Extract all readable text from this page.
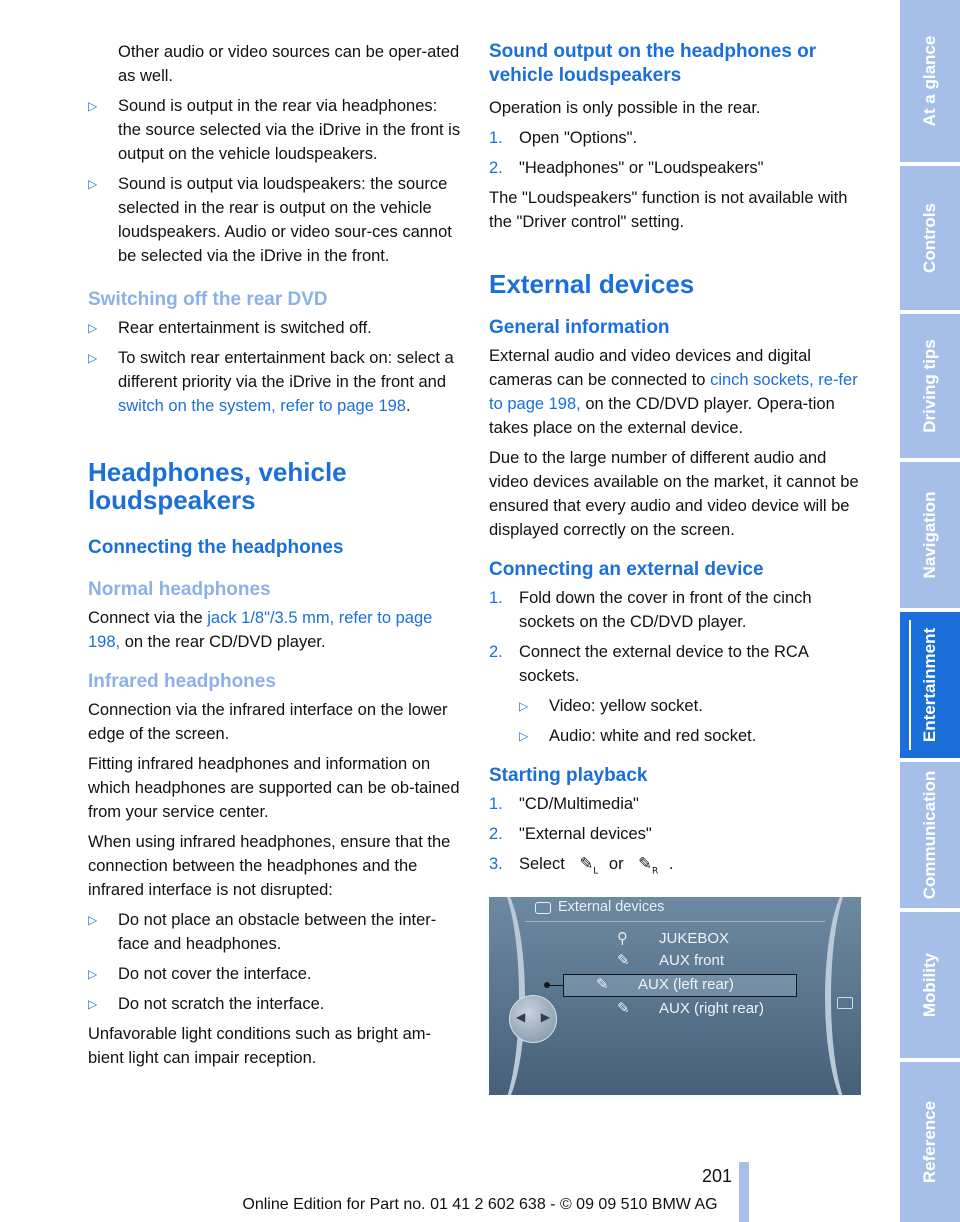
Other audio or video sources can be oper-ated as well.

▷ Sound is output in the rear via headphones: the source selected via the iDrive in the front is output on the vehicle loudspeakers.
▷ Sound is output via loudspeakers: the source selected in the rear is output on the vehicle loudspeakers. Audio or video sour-ces cannot be selected via the iDrive in the front.
Switching off the rear DVD
▷ Rear entertainment is switched off.
▷ To switch rear entertainment back on: select a different priority via the iDrive in the front and switch on the system, refer to page 198.
Headphones, vehicle loudspeakers
Connecting the headphones
Normal headphones

Connect via the jack 1/8"/3.5 mm, refer to page 198, on the rear CD/DVD player.

Infrared headphones

Connection via the infrared interface on the lower edge of the screen.

Fitting infrared headphones and information on which headphones are supported can be ob-tained from your service center.

When using infrared headphones, ensure that the connection between the headphones and the infrared interface is not disrupted:

▷ Do not place an obstacle between the inter-face and headphones.
▷ Do not cover the interface.
▷ Do not scratch the interface.

Unfavorable light conditions such as bright am-bient light can impair reception.

Sound output on the headphones or vehicle loudspeakers

Operation is only possible in the rear.

1. Open "Options".
2. "Headphones" or "Loudspeakers"

The "Loudspeakers" function is not available with the "Driver control" setting.

External devices
General information

External audio and video devices and digital cameras can be connected to cinch sockets, re-fer to page 198, on the CD/DVD player. Opera-tion takes place on the external device.

Due to the large number of different audio and video devices available on the market, it cannot be ensured that every audio and video device will be displayed correctly on the screen.

Connecting an external device
1. Fold down the cover in front of the cinch sockets on the CD/DVD player.
2. Connect the external device to the RCA sockets.
▷ Video: yellow socket.
▷ Audio: white and red socket.
Starting playback
1. "CD/Multimedia"
2. "External devices"
3. Select $✎_L$ or $✎_R$ .
External devices
⚲ JUKEBOX
✎ AUX front
✎ AUX (left rear)
✎ AUX (right rear)
◀ ▶
At a glance
Controls
Driving tips
Navigation
Entertainment
Communication
Mobility
Reference
201
Online Edition for Part no. 01 41 2 602 638 - © 09 09 510 BMW AG
